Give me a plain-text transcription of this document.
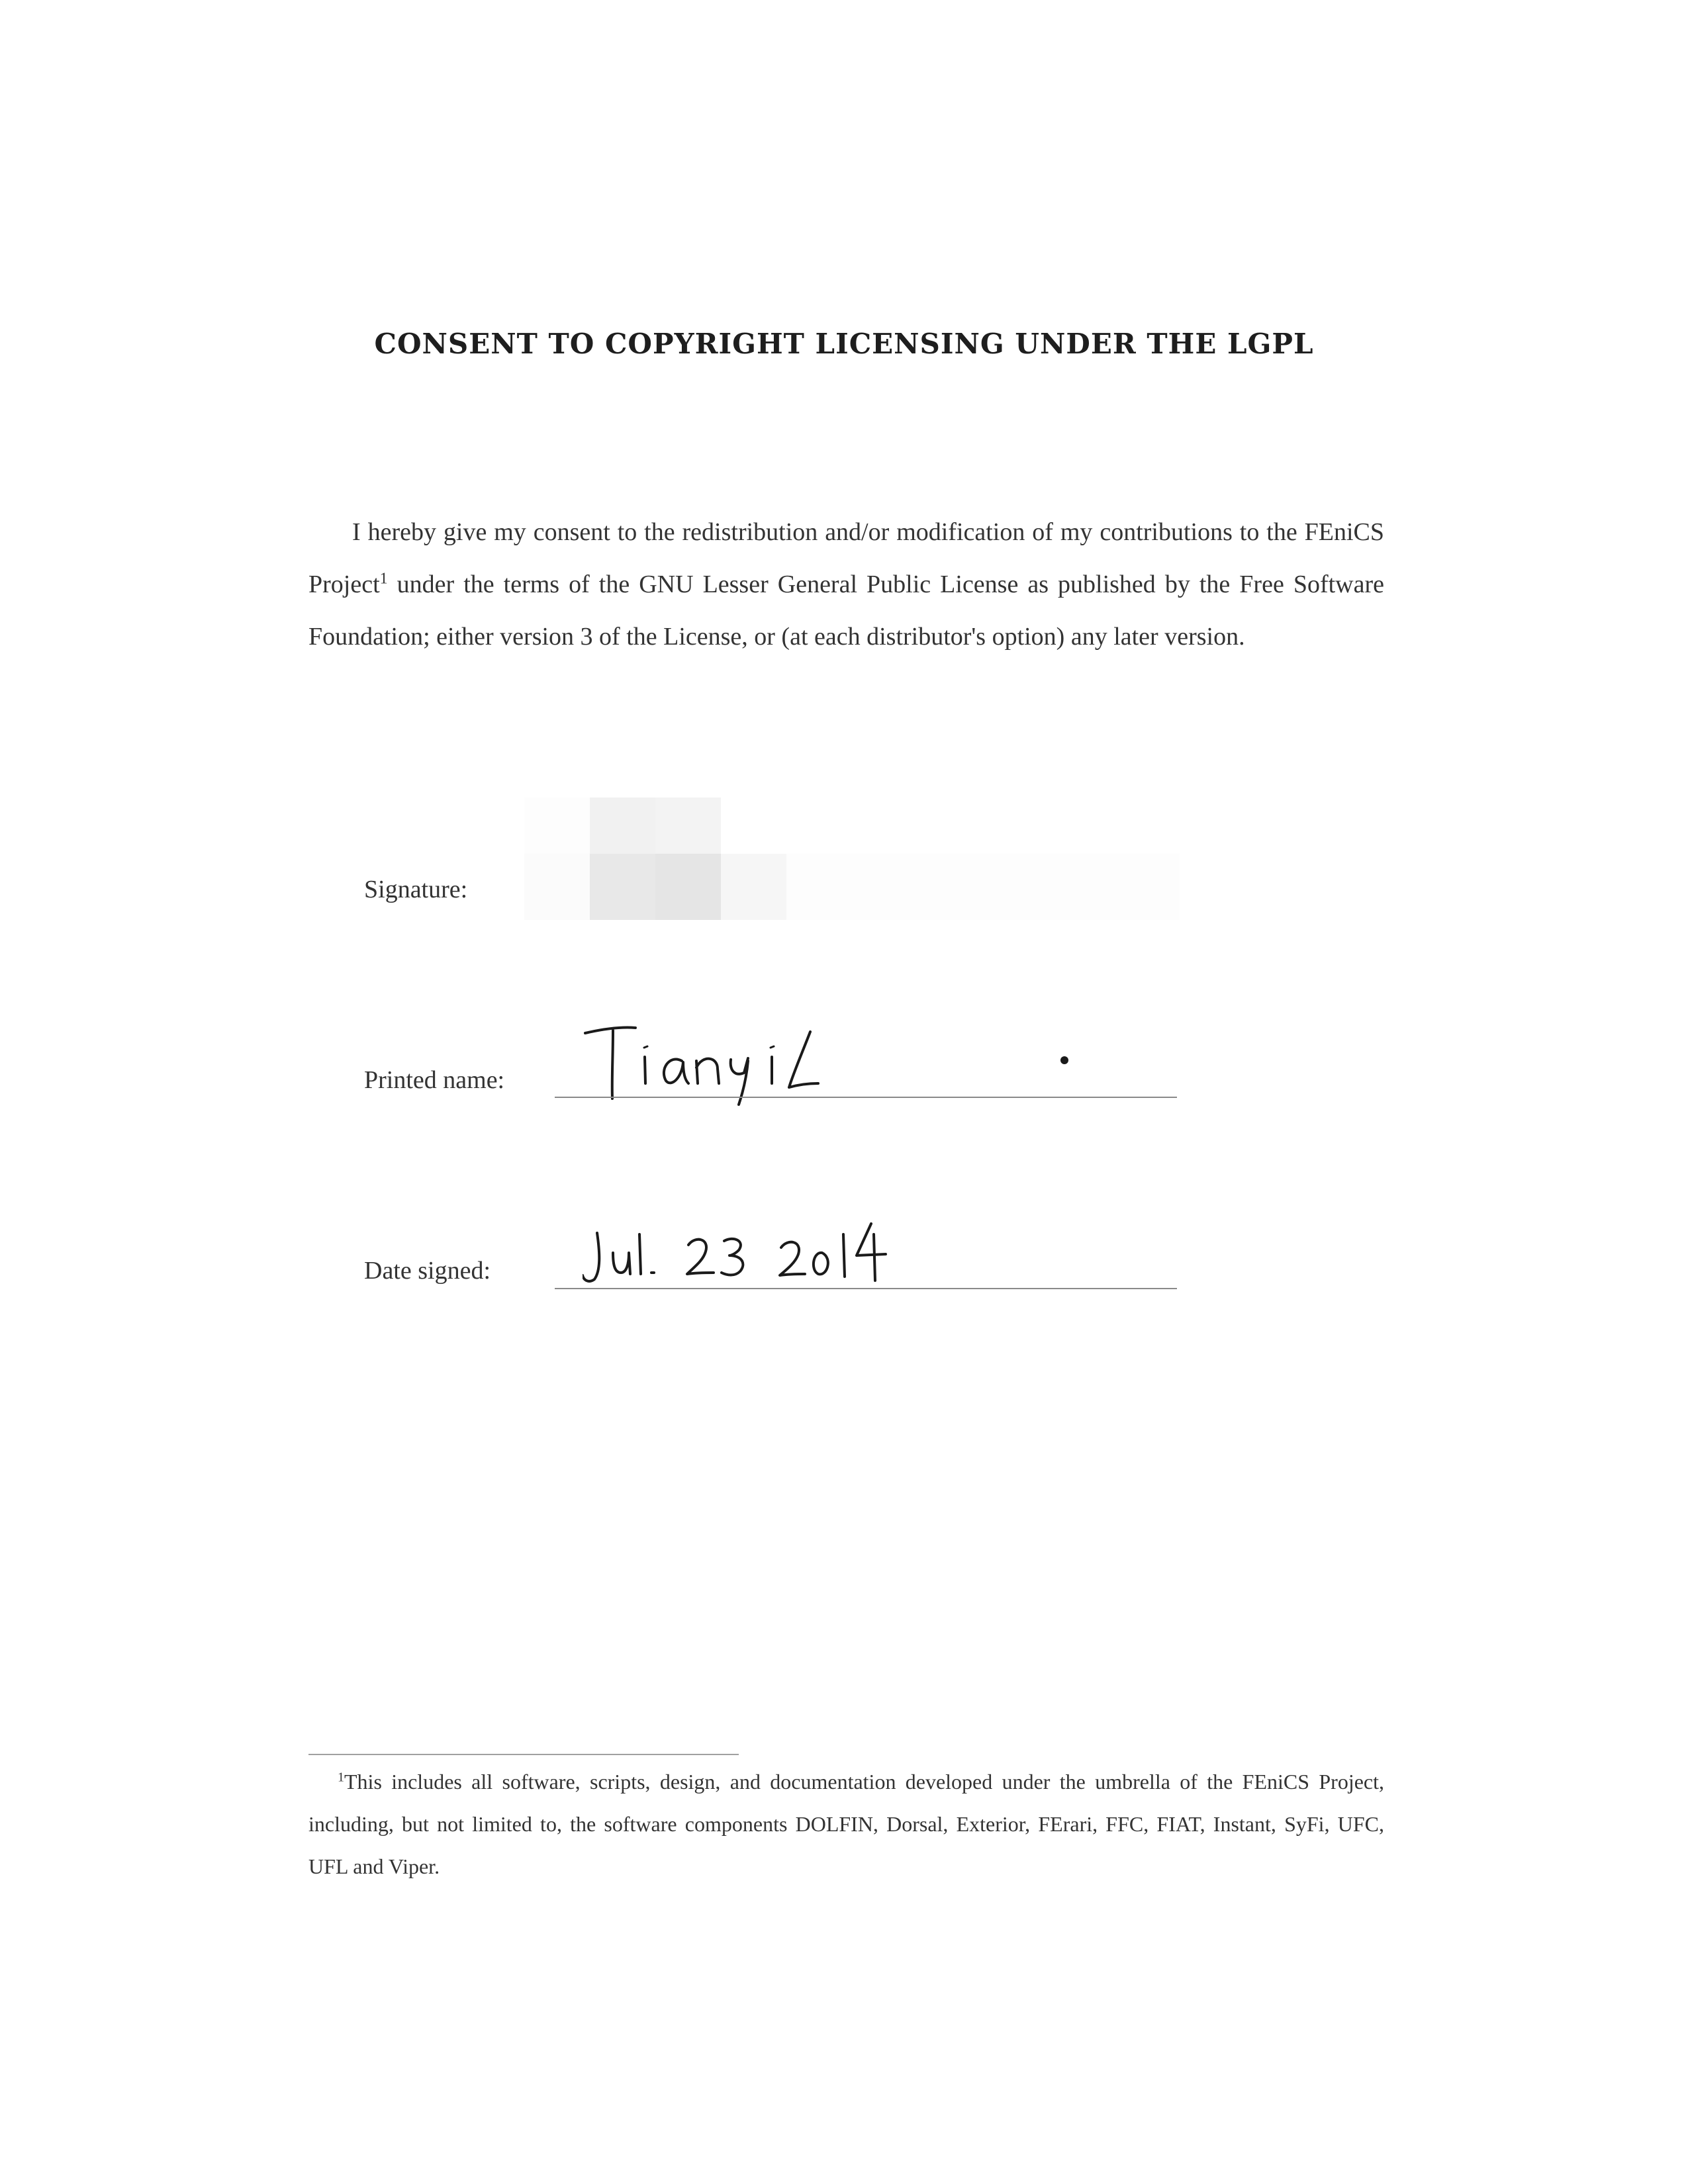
CONSENT TO COPYRIGHT LICENSING UNDER THE LGPL

I hereby give my consent to the redistribution and/or modification of my contributions to the FEniCS Project$^1$ under the terms of the GNU Lesser General Public License as published by the Free Software Foundation; either version 3 of the License, or (at each distributor's option) any later version.

Signature:
Printed name:
Date signed:

$^1$This includes all software, scripts, design, and documentation developed under the umbrella of the FEniCS Project, including, but not limited to, the software components DOLFIN, Dorsal, Exterior, FErari, FFC, FIAT, Instant, SyFi, UFC, UFL and Viper.
